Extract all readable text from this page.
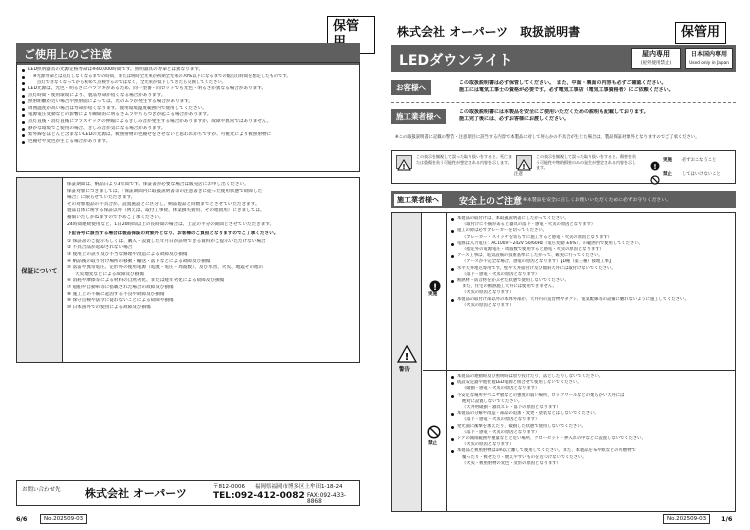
保管
ご使用上のご注意
LED照明器具の光源定格寿命は※40,000時間です。照明器具の寿命とは異なります。
※光源寿命とは点灯しなくなるまでの時間、または明時全光束が初期全光束の70%以下になるまでの総点灯時間を想定したものです。
点灯できなくなってから初めて点検するのではなく、全光束が低下してきたら交換してください。
LED光源は、光色・明るさにバラツキがあるため、同一型番・同ロットでも光色・明るさが異なる場合があります。
点灯時間・使用環境により、製品寿命が短くなる場合があります。
照射距離が近い場合や照射面によっては、光のムラが発生する場合があります。
周囲温度が高い場合は寿命が短くなります。使用環境温度範囲内で使用してください。
電源電圧変動などの影響により瞬間的に明るさムラやちらつきが起こる場合があります。
点灯直後・消灯直後にプラスチックの伸縮によるきしみ音が発生する場合がありますが、故障や異常ではありません。
静かな環境でご使用の場合、きしみ音が気になる場合があります。
紫外線をほとんど含まないLEDの光源は、被照射物の色褪せをさせないと思われがちですが、可視光により被照射物に
色褪せや変色が生じる場合があります。
保証について
保証期間は、納品日より3年間です。保証書が必要な場合は販売店にお申し出ください。
保証対象につきましては、「保証期間内に取扱説明書等の注意書きに従った使用状態で故障した
場合」に限らせていただきます。
その対象製品の不具合が、設置施設とに区分し、納品製品と同数までとさせていただきます。
製品自体に関する保証以外（例えば、取付工事費、休業損失費用、その他費用）にきましては、
補償いたしかねますので予めご了承ください。
24時間連続使用など、1日20時間以上の長時間の場合は、上記の半分の期間とさせていただきます。
下記各号に該当する場合は製品保証の対象外となり、お客様のご負担となりますのでご了承ください。
① 保証書のご提示もしくは、購入・設置した年月日が証明できる資料がご提示いただけない場合
② 不具合品が返却されない場合
③ 使用上の誤り及び不当な修理や改造による故障及び損傷
④ 納品後の取り付け場所の移動・輸送・落下などによる故障及び損傷
⑤ 落雷や異常電圧、定形外の使用電源（電流・電圧・周波数）、及び水害、火災、地震その他の
天災地変などによる故障及び損傷
⑥ 消耗や摩擦等による材料の自然劣化、または経年劣化による故障及び損傷
⑦ 船舶や自動車等に搭載された場合の故障及び損傷
⑧ 施工上の不備に起因する不良や故障及び損傷
⑨ 保守点検や法令に従わないことによる故障や損傷
⑩ 日本国外での使用による故障及び損傷
お問い合わせ先 株式会社 オーパーツ	〒812-0006 福岡県福岡市博多区上牟田1-18-24
TEL:092-412-0082 FAX:092-433-8868
6/6	No.202509-03
株式会社 オーパーツ　取扱説明書	保管用
LEDダウンライト	屋内専用
(屋外使用禁止)
日本国内専用
Used only in Japan
お客様へ	この取扱説明書は必ず保管してください。　また、中面・裏面の内容も必ずご確認ください。
施工には電気工事士の資格が必要です。必ず電気工事店（電気工事資格者）にご依頼ください。
施工業者様へ	この取扱説明書には本製品を安全にご使用いただくための説明も記載しております。
施工完了後には、必ずお客様にお渡しください。
※この取扱説明書に記載の警告・注意項目に該当する内容で本製品に対して何らかの不具合が生じた場合は、製品保証対象外となりますのでご了承ください。
!
この表示を無視して誤った取り扱いをすると、死亡または重傷を負う可能性が想定される内容を示します。
!
注意
この表示を無視して誤った取り扱いをすると、傷害を負う可能性や物的損害のみの発生が想定される内容を示します。	!
実施 必ずおこなうこと
禁止 してはいけないこと
施工業者様へ	安全上のご注意 ※本製品を安全に正しくお使いいただくために必ずお守りください。
!
警告
!
実施
禁止
本製品の取付けは、本取扱説明書にしたがってください。
（取付けに不備があると器具の落下・感電・火災の原因となります）
施工の際は必ずブレーカーを切ってください。
（ブレーカー・スイッチを切らずに施工すると感電・火災の原因となります）
電源は入力電圧：AC100V〜242V 50/60Hz（電圧変動 ±6%）、の範囲内で使用してください。
（指定外の電源電圧・周波数で使用すると感電・火災の原因となります）
アース工事は、電気設備の技術基準にしたがって、確実に行ってください。
（アースが不完全な場合、感電の原因となります）【D種（第三種）接地工事】
水平天井埋込専用です。壁や天井面付け及び傾斜天井には取付けないでください。
（落下・感電・火災の原因となります）
断熱材・防音材をかぶせた状態で使用しないでください。
また、住宅の断熱施工天井には使用できません。
（火災の原因となります）
本製品の取付け部以外の本体外部が、天井内の造営物やダクト、電気配線等の設備に触れないように施工してください。
（火災の原因となります）
本製品の連動時及び照明時は放り投げたり、落としたりしないでください。
既設安定器や他社製LED電源と組合せて使用しないでください。
（破損・感電・火災の原因となります）
不安定な場所やベニヤ板などの強度の弱い場所、ロックウールなどの柔らかい天井には
絶対に設置しないでください。
（天井材破損・器具ズレ・落下の原因となります）
本製品の分解や改造・部品の追加・変更・塗装などはしないでください。
（落下・感電・火災の原因となります）
発光面に衝撃を加えたり、破損した状態で使用しないでください。
（落下・感電・火災の原因となります）
ドアの開閉範囲や重量などと近い場所、クローゼット・押入れの中などに設置しないでください。
（火災の原因となります）
本製品と被照射物は1m以上離して使用してください。また、本製品を布や紙などの可燃物で
覆ったり・被せたり・燃えやすいものを近づけないでください。
（火災・被照射物の変色・変形の原因となります）
No.202509-03	1/6
